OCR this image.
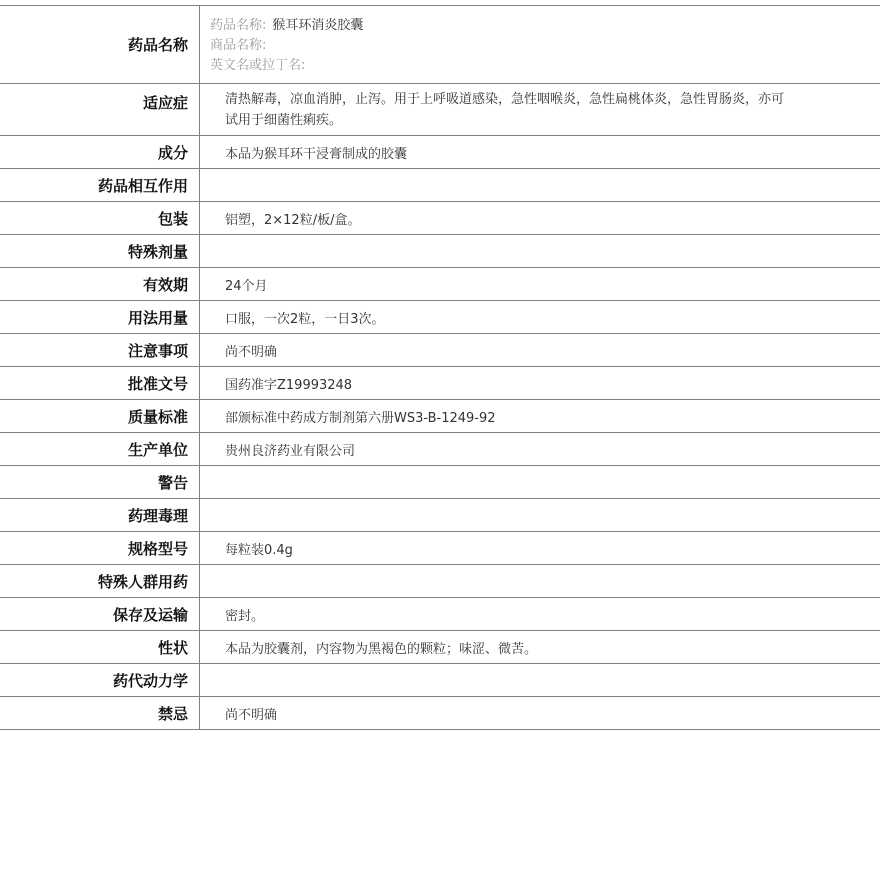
药品名称
药品名称: 猴耳环消炎胶囊
商品名称:
英文名或拉丁名:
适应症	清热解毒，凉血消肿，止泻。用于上呼吸道感染，急性咽喉炎，急性扁桃体炎，急性胃肠炎，亦可试用于细菌性痢疾。
成分	本品为猴耳环干浸膏制成的胶囊
药品相互作用
包装	铝塑，2×12粒/板/盒。
特殊剂量
有效期	24个月
用法用量	口服，一次2粒，一日3次。
注意事项	尚不明确
批准文号	国药准字Z19993248
质量标准	部颁标准中药成方制剂第六册WS3-B-1249-92
生产单位	贵州良济药业有限公司
警告
药理毒理
规格型号	每粒装0.4g
特殊人群用药
保存及运输	密封。
性状	本品为胶囊剂，内容物为黑褐色的颗粒；味涩、微苦。
药代动力学
禁忌	尚不明确
